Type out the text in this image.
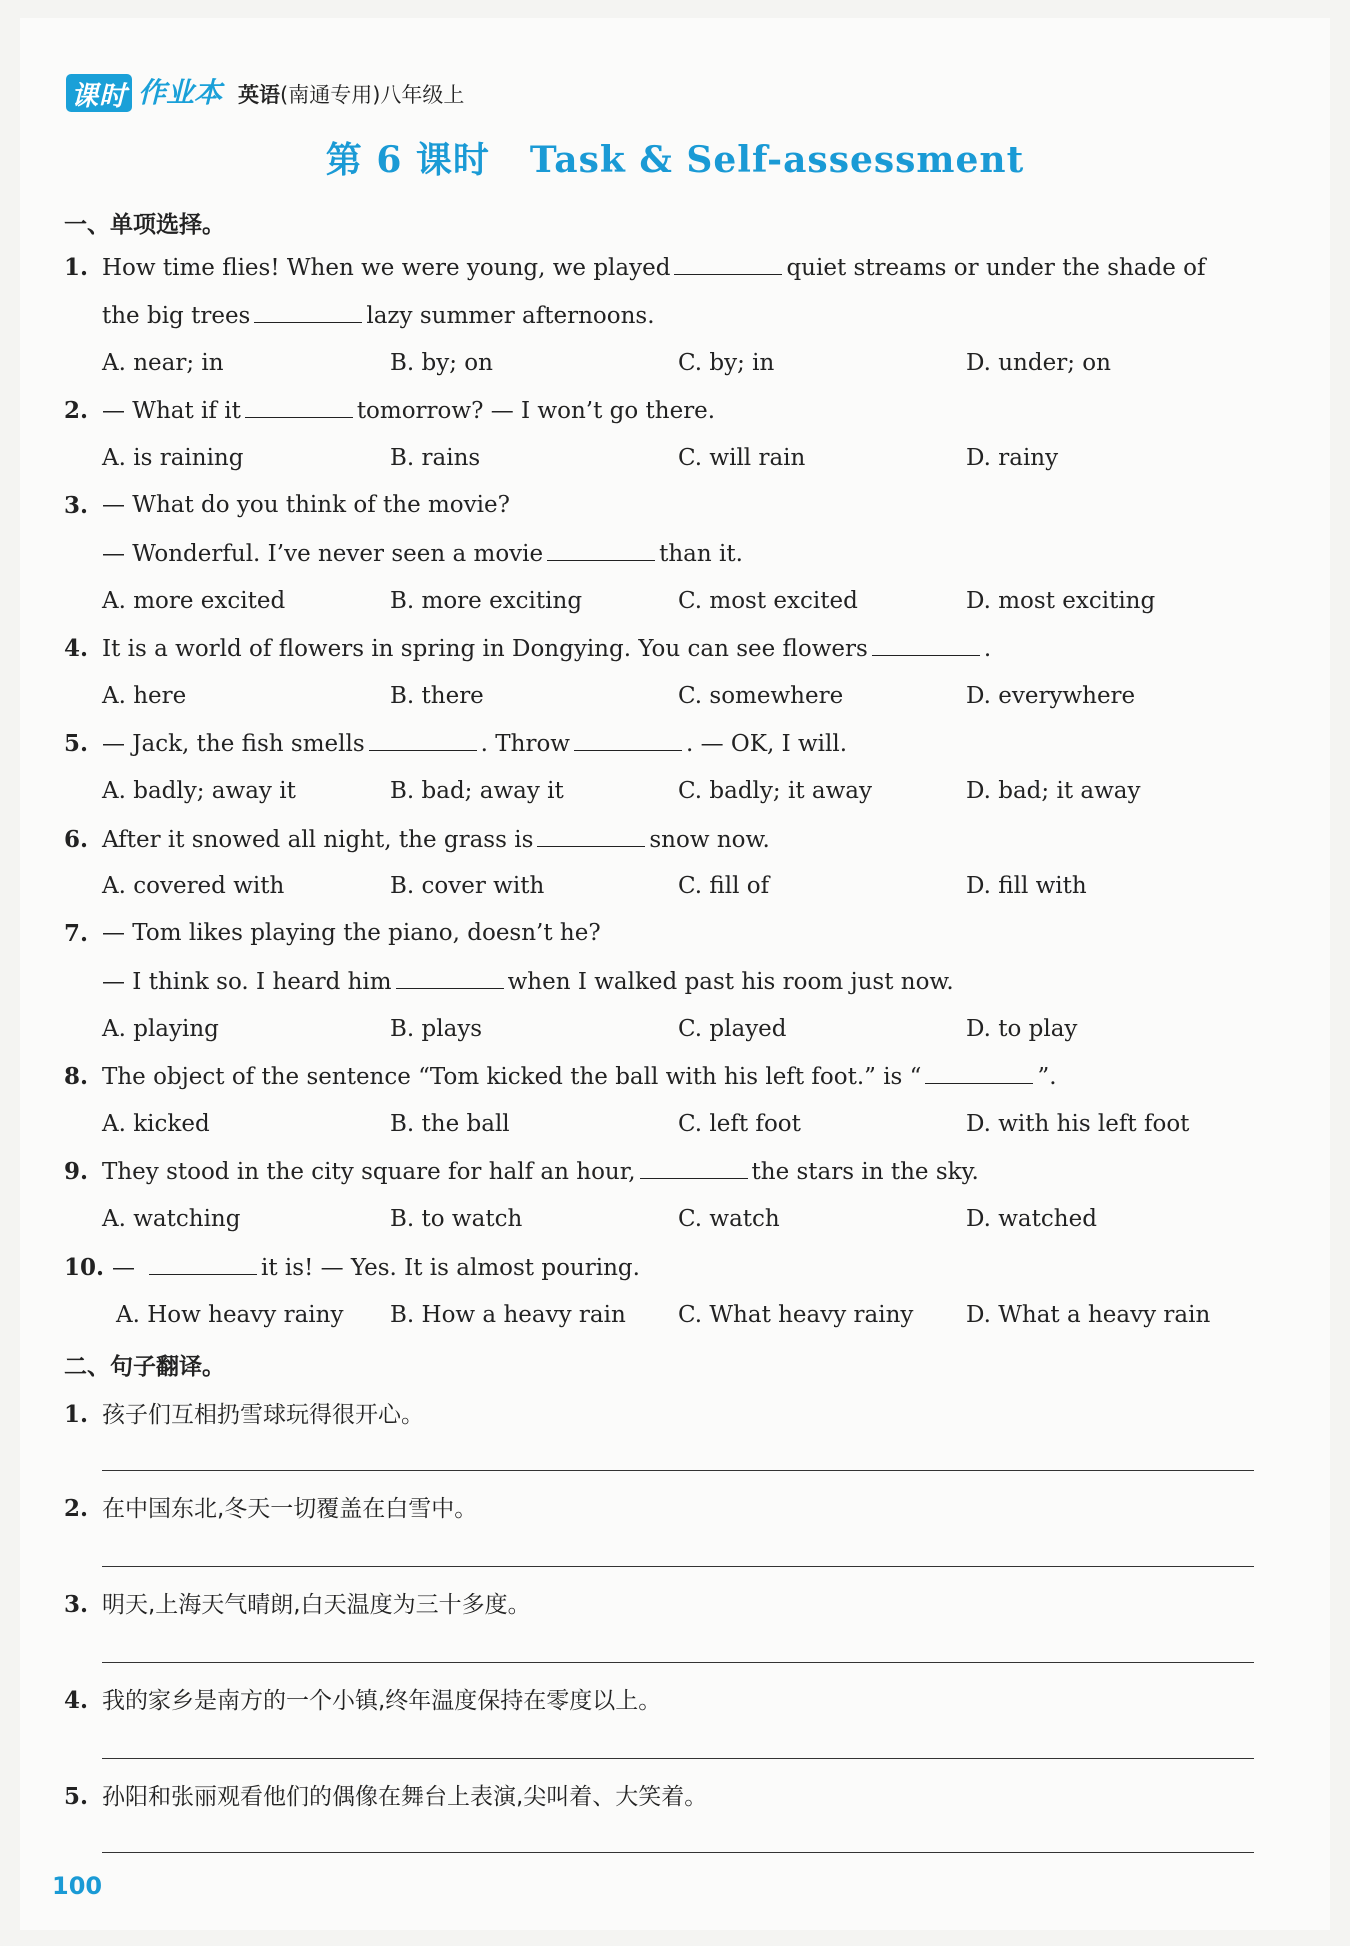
课时 作业本 英语(南通专用)八年级上
第 6 课时 Task & Self-assessment
一、单项选择。
1. How time flies! When we were young, we played	quiet streams or under the shade of
the big trees	lazy summer afternoons.
A. near; in	B. by; on	C. by; in	D. under; on
2. — What if it	tomorrow? — I won’t go there.
A. is raining	B. rains	C. will rain	D. rainy
3. — What do you think of the movie?
— Wonderful. I’ve never seen a movie	than it.
A. more excited	B. more exciting	C. most excited	D. most exciting
4. It is a world of flowers in spring in Dongying. You can see flowers	.
A. here	B. there	C. somewhere	D. everywhere
5. — Jack, the fish smells	. Throw	. — OK, I will.
A. badly; away it	B. bad; away it	C. badly; it away	D. bad; it away
6. After it snowed all night, the grass is	snow now.
A. covered with	B. cover with	C. fill of	D. fill with
7. — Tom likes playing the piano, doesn’t he?
— I think so. I heard him	when I walked past his room just now.
A. playing	B. plays	C. played	D. to play
8. The object of the sentence “Tom kicked the ball with his left foot.” is “	”.
A. kicked	B. the ball	C. left foot	D. with his left foot
9. They stood in the city square for half an hour,	the stars in the sky.
A. watching	B. to watch	C. watch	D. watched
10. —	it is! — Yes. It is almost pouring.
A. How heavy rainy B. How a heavy rain C. What heavy rainy D. What a heavy rain
二、句子翻译。
1. 孩子们互相扔雪球玩得很开心。
2. 在中国东北,冬天一切覆盖在白雪中。
3. 明天,上海天气晴朗,白天温度为三十多度。
4. 我的家乡是南方的一个小镇,终年温度保持在零度以上。
5. 孙阳和张丽观看他们的偶像在舞台上表演,尖叫着、大笑着。
100
